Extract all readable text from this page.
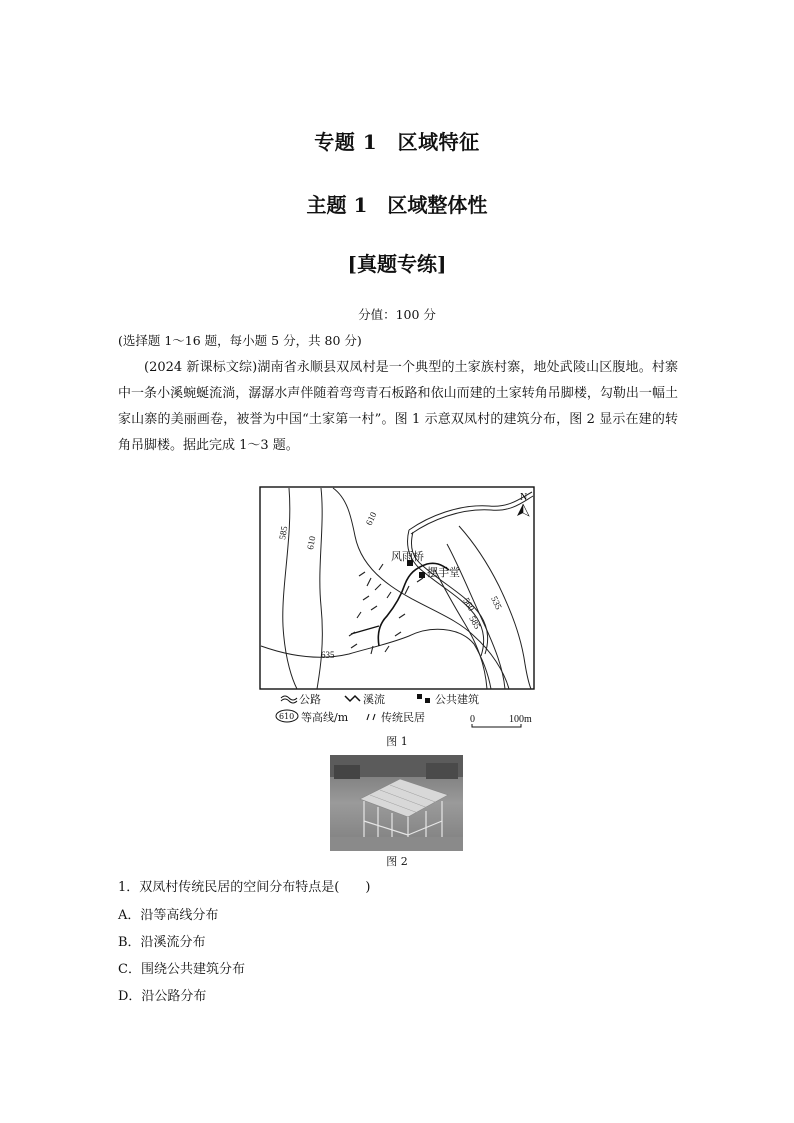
专题 1　区域特征
主题 1　区域整体性
[真题专练]
分值：100 分
(选择题 1～16 题，每小题 5 分，共 80 分)
(2024 新课标文综)湖南省永顺县双凤村是一个典型的土家族村寨，地处武陵山区腹地。村寨中一条小溪蜿蜒流淌，潺潺水声伴随着弯弯青石板路和依山而建的土家转角吊脚楼，勾勒出一幅土家山寨的美丽画卷，被誉为中国“土家第一村”。图 1 示意双凤村的建筑分布，图 2 显示在建的转角吊脚楼。据此完成 1～3 题。
N
585
610
610
635
560 535
585
风雨桥
摆手堂
公路	溪流	公共建筑
610 等高线/m	传统民居	0	100m
图 1
图 2
1．双凤村传统民居的空间分布特点是(　　)
A．沿等高线分布
B．沿溪流分布
C．围绕公共建筑分布
D．沿公路分布
